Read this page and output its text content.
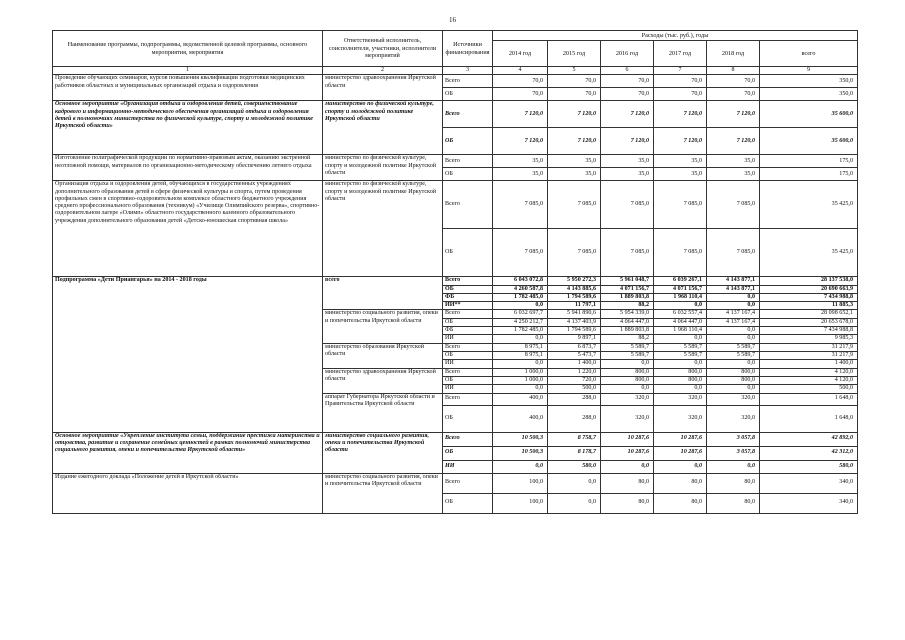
16
Наименование программы, подпрограммы, ведомственной целевой программы, основного мероприятия, мероприятия	Ответственный исполнитель, соисполнители, участники, исполнители мероприятий	Источники финансирования	Расходы (тыс. руб.), годы					
			2014 год	2015 год	2016 год	2017 год	2018 год	всего
1	2	3	4	5	6	7	8	9
Проведение обучающих семинаров, курсов повышения квалификации подготовки медицинских работников областных и муниципальных организаций отдыха и оздоровления	министерство здравоохранения Иркутской области	Всего	70,0	70,0	70,0	70,0	70,0	350,0
		ОБ	70,0	70,0	70,0	70,0	70,0	350,0
Основное мероприятие «Организация отдыха и оздоровления детей, совершенствование кадрового и информационно-методического обеспечения организаций отдыха и оздоровления детей в полномочиях министерства по физической культуре, спорту и молодежной политике Иркутской области»	министерство по физической культуре, спорту и молодежной политике Иркутской области	Всего	7 120,0	7 120,0	7 120,0	7 120,0	7 120,0	35 600,0
		ОБ	7 120,0	7 120,0	7 120,0	7 120,0	7 120,0	35 600,0
Изготовление полиграфической продукции по нормативно-правовым актам, оказанию экстренной неотложной помощи, материалов по организационно-методическому обеспечению летнего отдыха	министерство по физической культуре, спорту и молодежной политике Иркутской области	Всего	35,0	35,0	35,0	35,0	35,0	175,0
		ОБ	35,0	35,0	35,0	35,0	35,0	175,0
Организация отдыха и оздоровления детей, обучающихся в государственных учреждениях дополнительного образования детей в сфере физической культуры и спорта, путем проведения профильных смен в спортивно-оздоровительном комплексе областного бюджетного учреждения среднего профессионального образования (техникум) «Училище Олимпийского резерва», спортивно-оздоровительном лагере «Олимп» областного государственного казенного образовательного учреждения дополнительного образования детей «Детско-юношеская спортивная школа»	министерство по физической культуре, спорту и молодежной политике Иркутской области	Всего	7 085,0	7 085,0	7 085,0	7 085,0	7 085,0	35 425,0
		ОБ	7 085,0	7 085,0	7 085,0	7 085,0	7 085,0	35 425,0
Подпрограмма «Дети Приангарья» на 2014 - 2018 годы	всего	Всего	6 043 072,8	5 950 272,3	5 961 048,7	6 039 267,1	4 143 877,1	28 137 538,0
		ОБ	4 260 587,8	4 143 885,6	4 071 156,7	4 071 156,7	4 143 877,1	20 690 663,9
		ФБ	1 782 485,0	1 794 589,6	1 889 803,8	1 968 110,4	0,0	7 434 988,8
		ИИ**	0,0	11 797,1	88,2	0,0	0,0	11 885,3
	министерство социального развития, опеки и попечительства Иркутской области	Всего	6 032 697,7	5 941 890,6	5 954 339,0	6 032 557,4	4 137 167,4	28 098 652,1
		ОБ	4 250 212,7	4 137 403,9	4 064 447,0	4 064 447,0	4 137 167,4	20 653 678,0
		ФБ	1 782 485,0	1 794 589,6	1 889 803,8	1 968 110,4	0,0	7 434 988,8
		ИИ	0,0	9 897,1	88,2	0,0	0,0	9 985,3
	министерство образования Иркутской области	Всего	8 975,1	6 873,7	5 589,7	5 589,7	5 589,7	31 217,9
		ОБ	8 975,1	5 473,7	5 589,7	5 589,7	5 589,7	31 217,9
		ИИ	0,0	1 400,0	0,0	0,0	0,0	1 400,0
	министерство здравоохранения Иркутской области	Всего	1 000,0	1 220,0	800,0	800,0	800,0	4 120,0
		ОБ	1 000,0	720,0	800,0	800,0	800,0	4 120,0
		ИИ	0,0	500,0	0,0	0,0	0,0	500,0
	аппарат Губернатора Иркутской области и Правительства Иркутской области	Всего	400,0	288,0	320,0	320,0	320,0	1 648,0
		ОБ	400,0	288,0	320,0	320,0	320,0	1 648,0
Основное мероприятие «Укрепление института семьи, поддержание престижа материнства и отцовства, развитие и сохранение семейных ценностей в рамках полномочий министерства социального развития, опеки и попечительства Иркутской области»	министерство социального развития, опеки и попечительства Иркутской области	Всего	10 500,3	8 758,7	10 287,6	10 287,6	3 057,8	42 892,0
		ОБ	10 500,3	8 178,7	10 287,6	10 287,6	3 057,8	42 312,0
		ИИ	0,0	580,0	0,0	0,0	0,0	580,0
Издание ежегодного доклада «Положение детей в Иркутской области»	министерство социального развития, опеки и попечительства Иркутской области	Всего	100,0	0,0	80,0	80,0	80,0	340,0
		ОБ	100,0	0,0	80,0	80,0	80,0	340,0
